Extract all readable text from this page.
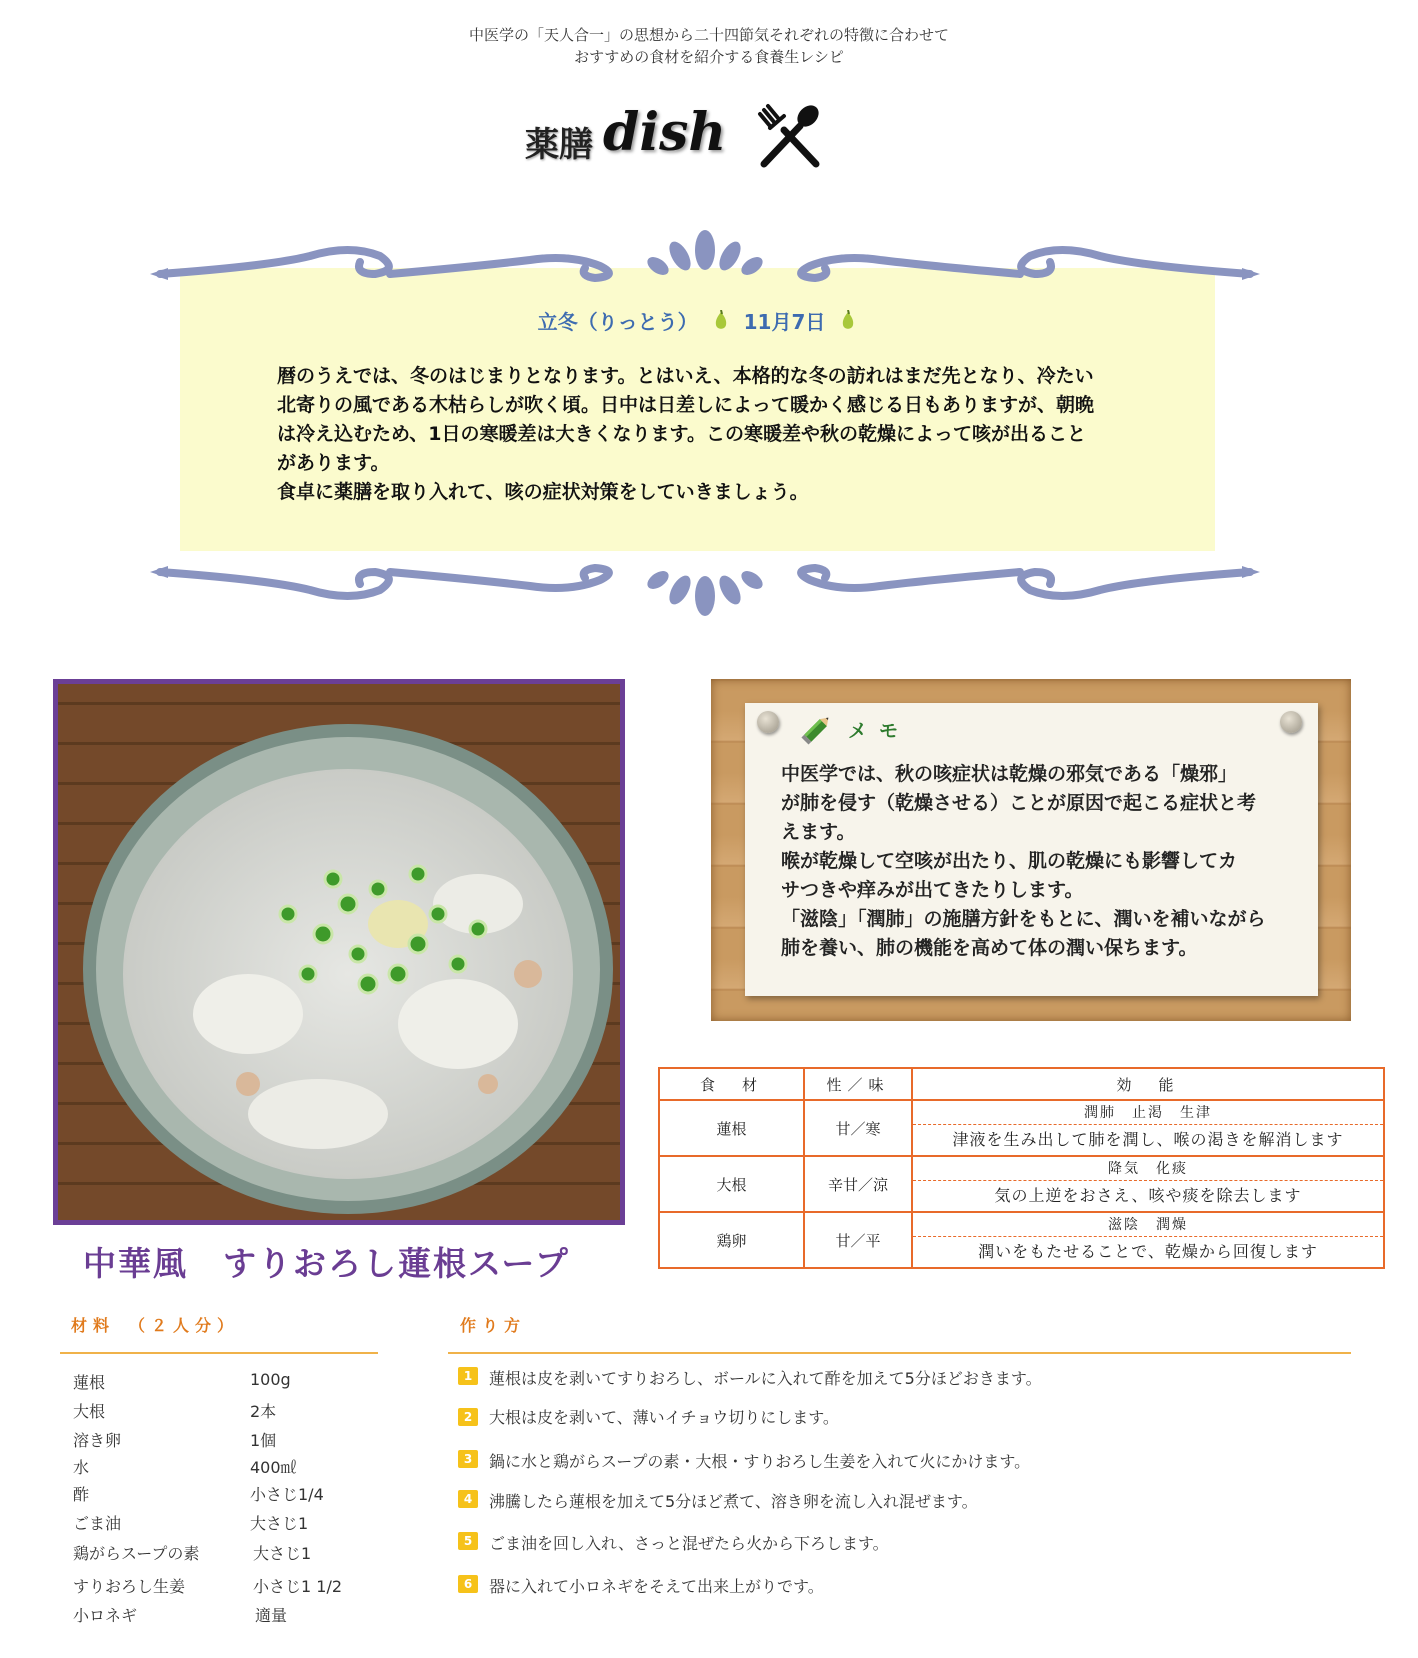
中医学の「天人合一」の思想から二十四節気それぞれの特徴に合わせて
おすすめの食材を紹介する食養生レシピ
薬膳 dish
立冬（りっとう） 11月7日
暦のうえでは、冬のはじまりとなります。とはいえ、本格的な冬の訪れはまだ先となり、冷たい
北寄りの風である木枯らしが吹く頃。日中は日差しによって暖かく感じる日もありますが、朝晩
は冷え込むため、1日の寒暖差は大きくなります。この寒暖差や秋の乾燥によって咳が出ること
があります。
食卓に薬膳を取り入れて、咳の症状対策をしていきましょう。
中華風　すりおろし蓮根スープ
メモ
中医学では、秋の咳症状は乾燥の邪気である「燥邪」
が肺を侵す（乾燥させる）ことが原因で起こる症状と考
えます。
喉が乾燥して空咳が出たり、肌の乾燥にも影響してカ
サつきや痒みが出てきたりします。
「滋陰」「潤肺」の施膳方針をもとに、潤いを補いながら
肺を養い、肺の機能を高めて体の潤い保ちます。
食　材	性／味	効　能
蓮根	甘／寒	潤肺　止渇　生津
津液を生み出して肺を潤し、喉の渇きを解消します

大根	辛甘／涼	降気　化痰
気の上逆をおさえ、咳や痰を除去します

鶏卵	甘／平	滋陰　潤燥
潤いをもたせることで、乾燥から回復します
材料　（２人分）
蓮根	100g
大根	2本
溶き卵	1個
水	400㎖
酢	小さじ1/4
ごま油	大さじ1
鶏がらスープの素	大さじ1
すりおろし生姜	小さじ1 1/2
小ロネギ	適量
作り方
1	蓮根は皮を剥いてすりおろし、ボールに入れて酢を加えて5分ほどおきます。
2	大根は皮を剥いて、薄いイチョウ切りにします。
3	鍋に水と鶏がらスープの素・大根・すりおろし生姜を入れて火にかけます。
4	沸騰したら蓮根を加えて5分ほど煮て、溶き卵を流し入れ混ぜます。
5	ごま油を回し入れ、さっと混ぜたら火から下ろします。
6	器に入れて小ロネギをそえて出来上がりです。
